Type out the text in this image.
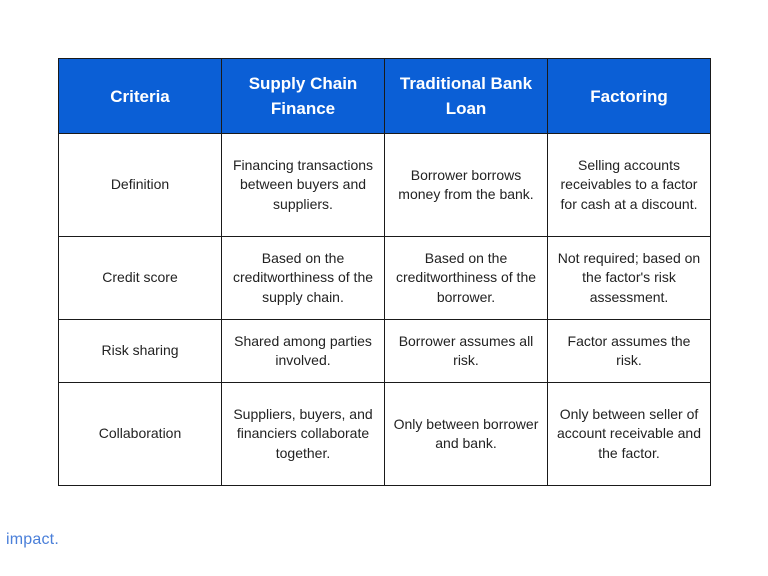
Criteria	Supply Chain Finance	Traditional Bank Loan	Factoring
Definition	Financing transactions between buyers and suppliers.	Borrower borrows money from the bank.	Selling accounts receivables to a factor for cash at a discount.
Credit score	Based on the creditworthiness of the supply chain.	Based on the creditworthiness of the borrower.	Not required; based on the factor's risk assessment.
Risk sharing	Shared among parties involved.	Borrower assumes all risk.	Factor assumes the risk.
Collaboration	Suppliers, buyers, and financiers collaborate together.	Only between borrower and bank.	Only between seller of account receivable and the factor.
impact.
